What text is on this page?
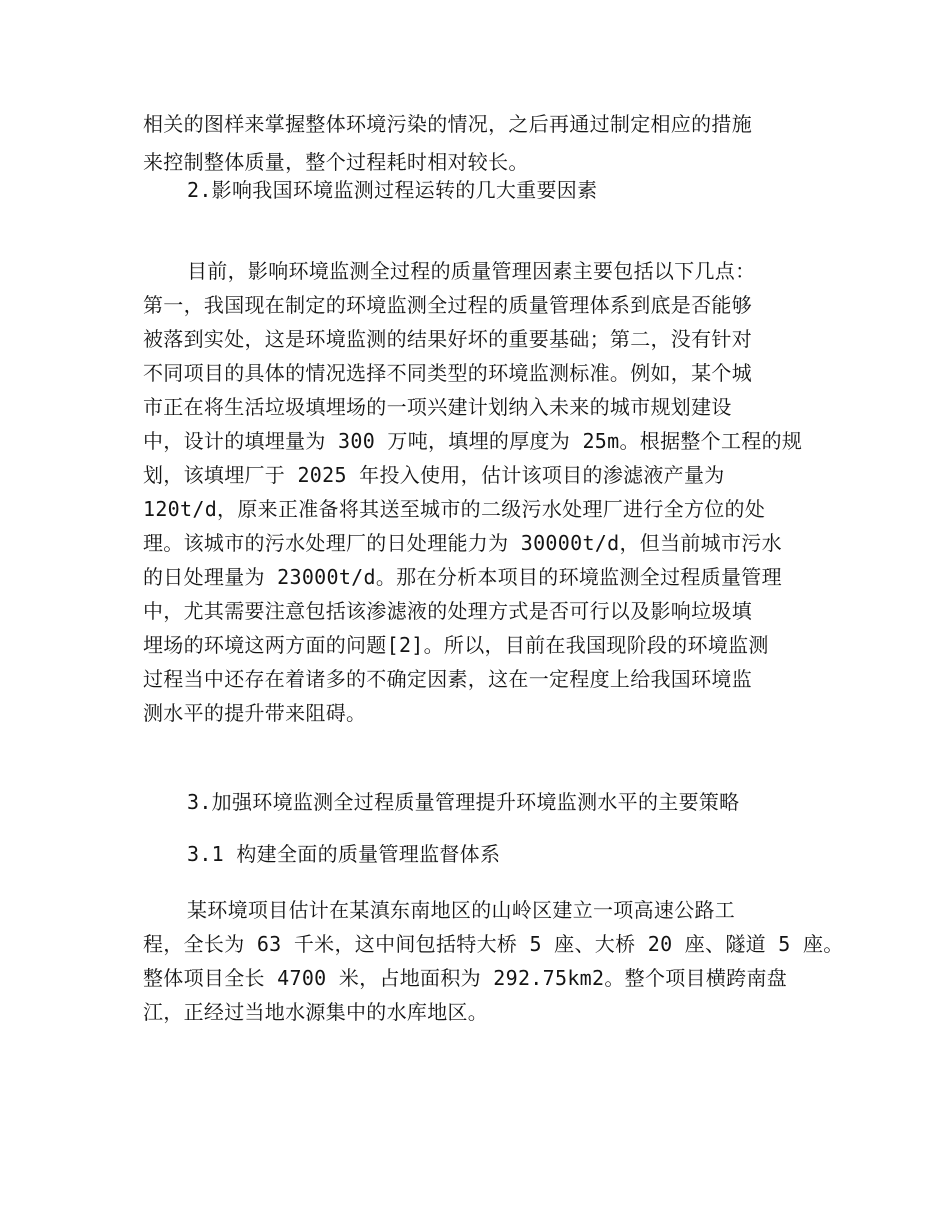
相关的图样来掌握整体环境污染的情况，之后再通过制定相应的措施
来控制整体质量，整个过程耗时相对较长。
2.影响我国环境监测过程运转的几大重要因素
目前，影响环境监测全过程的质量管理因素主要包括以下几点：
第一，我国现在制定的环境监测全过程的质量管理体系到底是否能够
被落到实处，这是环境监测的结果好坏的重要基础；第二，没有针对
不同项目的具体的情况选择不同类型的环境监测标准。例如，某个城
市正在将生活垃圾填埋场的一项兴建计划纳入未来的城市规划建设
中，设计的填埋量为 300 万吨，填埋的厚度为 25m。根据整个工程的规
划，该填埋厂于 2025 年投入使用，估计该项目的渗滤液产量为
120t/d，原来正准备将其送至城市的二级污水处理厂进行全方位的处
理。该城市的污水处理厂的日处理能力为 30000t/d，但当前城市污水
的日处理量为 23000t/d。那在分析本项目的环境监测全过程质量管理
中，尤其需要注意包括该渗滤液的处理方式是否可行以及影响垃圾填
埋场的环境这两方面的问题[2]。所以，目前在我国现阶段的环境监测
过程当中还存在着诸多的不确定因素，这在一定程度上给我国环境监
测水平的提升带来阻碍。
3.加强环境监测全过程质量管理提升环境监测水平的主要策略
3.1 构建全面的质量管理监督体系
某环境项目估计在某滇东南地区的山岭区建立一项高速公路工
程，全长为 63 千米，这中间包括特大桥 5 座、大桥 20 座、隧道 5 座。
整体项目全长 4700 米，占地面积为 292.75km2。整个项目横跨南盘
江，正经过当地水源集中的水库地区。
